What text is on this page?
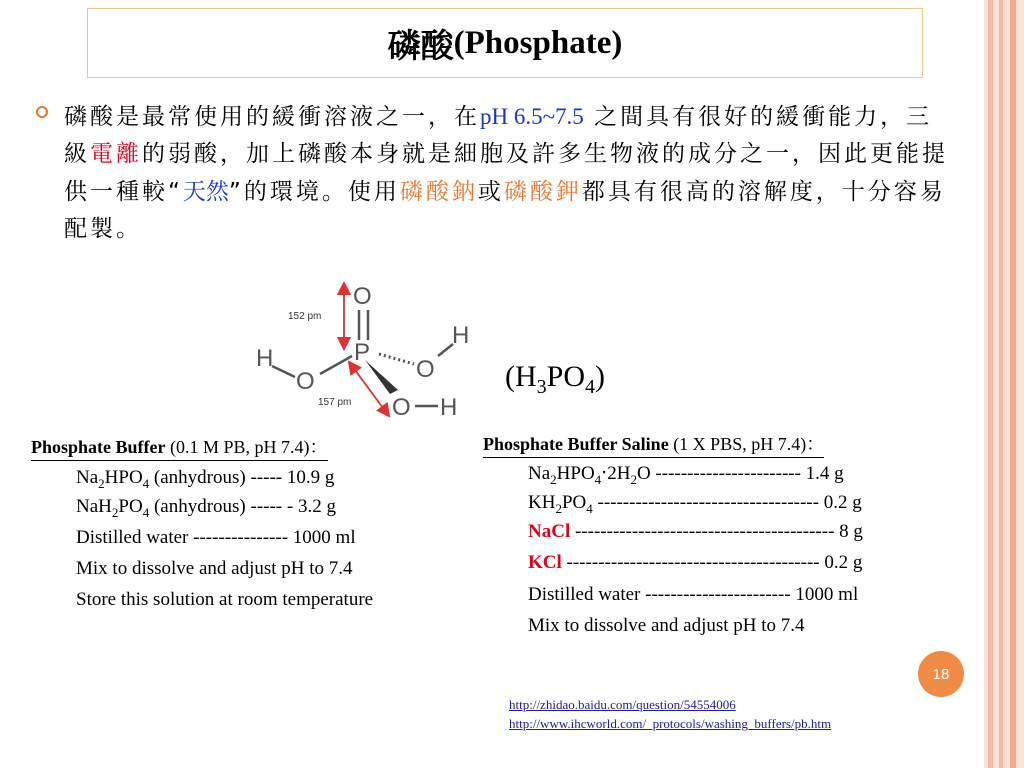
磷酸 (Phosphate)
磷酸是最常使用的緩衝溶液之一，在pH 6.5~7.5 之間具有很好的緩衝能力，三級電離的弱酸，加上磷酸本身就是細胞及許多生物液的成分之一，因此更能提供一種較“天然”的環境。使用磷酸鈉或磷酸鉀都具有很高的溶解度，十分容易配製。
O
P
O
H	O
H
O H
152 pm
157 pm
$(H_3PO_4)$
Phosphate Buffer (0.1 M PB, pH 7.4)：
$Na_2HPO_4$ (anhydrous) ----- 10.9 g
$NaH_2PO_4$ (anhydrous) ----- - 3.2 g
Distilled water --------------- 1000 ml
Mix to dissolve and adjust pH to 7.4
Store this solution at room temperature
Phosphate Buffer Saline (1 X PBS, pH 7.4)：
$Na_2HPO_4‧2H_2O$ ----------------------- 1.4 g
$KH_2PO_4$ ----------------------------------- 0.2 g
NaCl ----------------------------------------- 8 g
KCl ---------------------------------------- 0.2 g
Distilled water ----------------------- 1000 ml
Mix to dissolve and adjust pH to 7.4
18
http://zhidao.baidu.com/question/54554006
http://www.ihcworld.com/_protocols/washing_buffers/pb.htm
